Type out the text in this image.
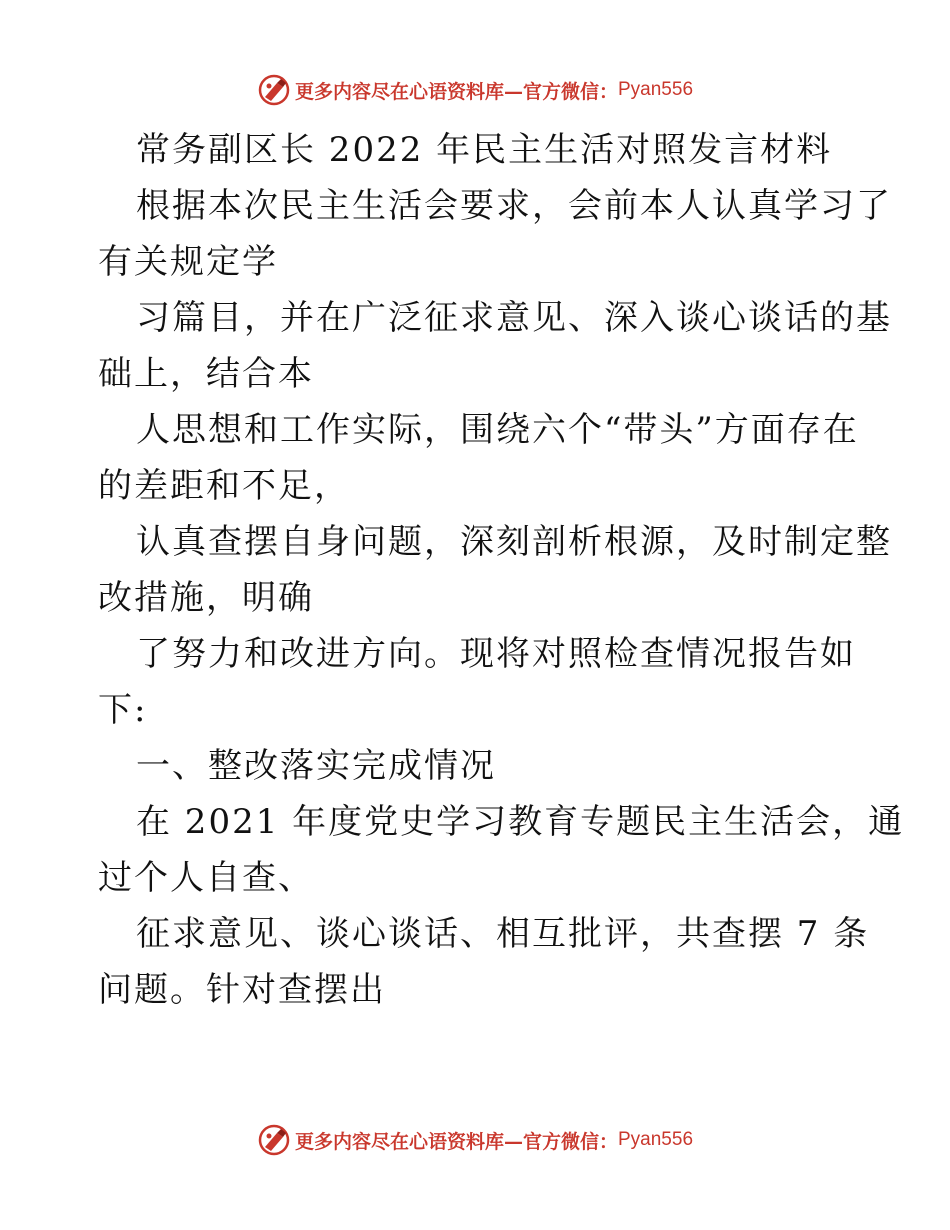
更多内容尽在心语资料库—官方微信： Pyan556
常务副区长 2022 年民主生活对照发言材料
根据本次民主生活会要求，会前本人认真学习了
有关规定学
习篇目，并在广泛征求意见、深入谈心谈话的基
础上，结合本
人思想和工作实际，围绕六个“带头”方面存在
的差距和不足，
认真查摆自身问题，深刻剖析根源，及时制定整
改措施，明确
了努力和改进方向。现将对照检查情况报告如
下:
一、整改落实完成情况
在 2021 年度党史学习教育专题民主生活会，通
过个人自查、
征求意见、谈心谈话、相互批评，共查摆 7 条
问题。针对查摆出
更多内容尽在心语资料库—官方微信： Pyan556
